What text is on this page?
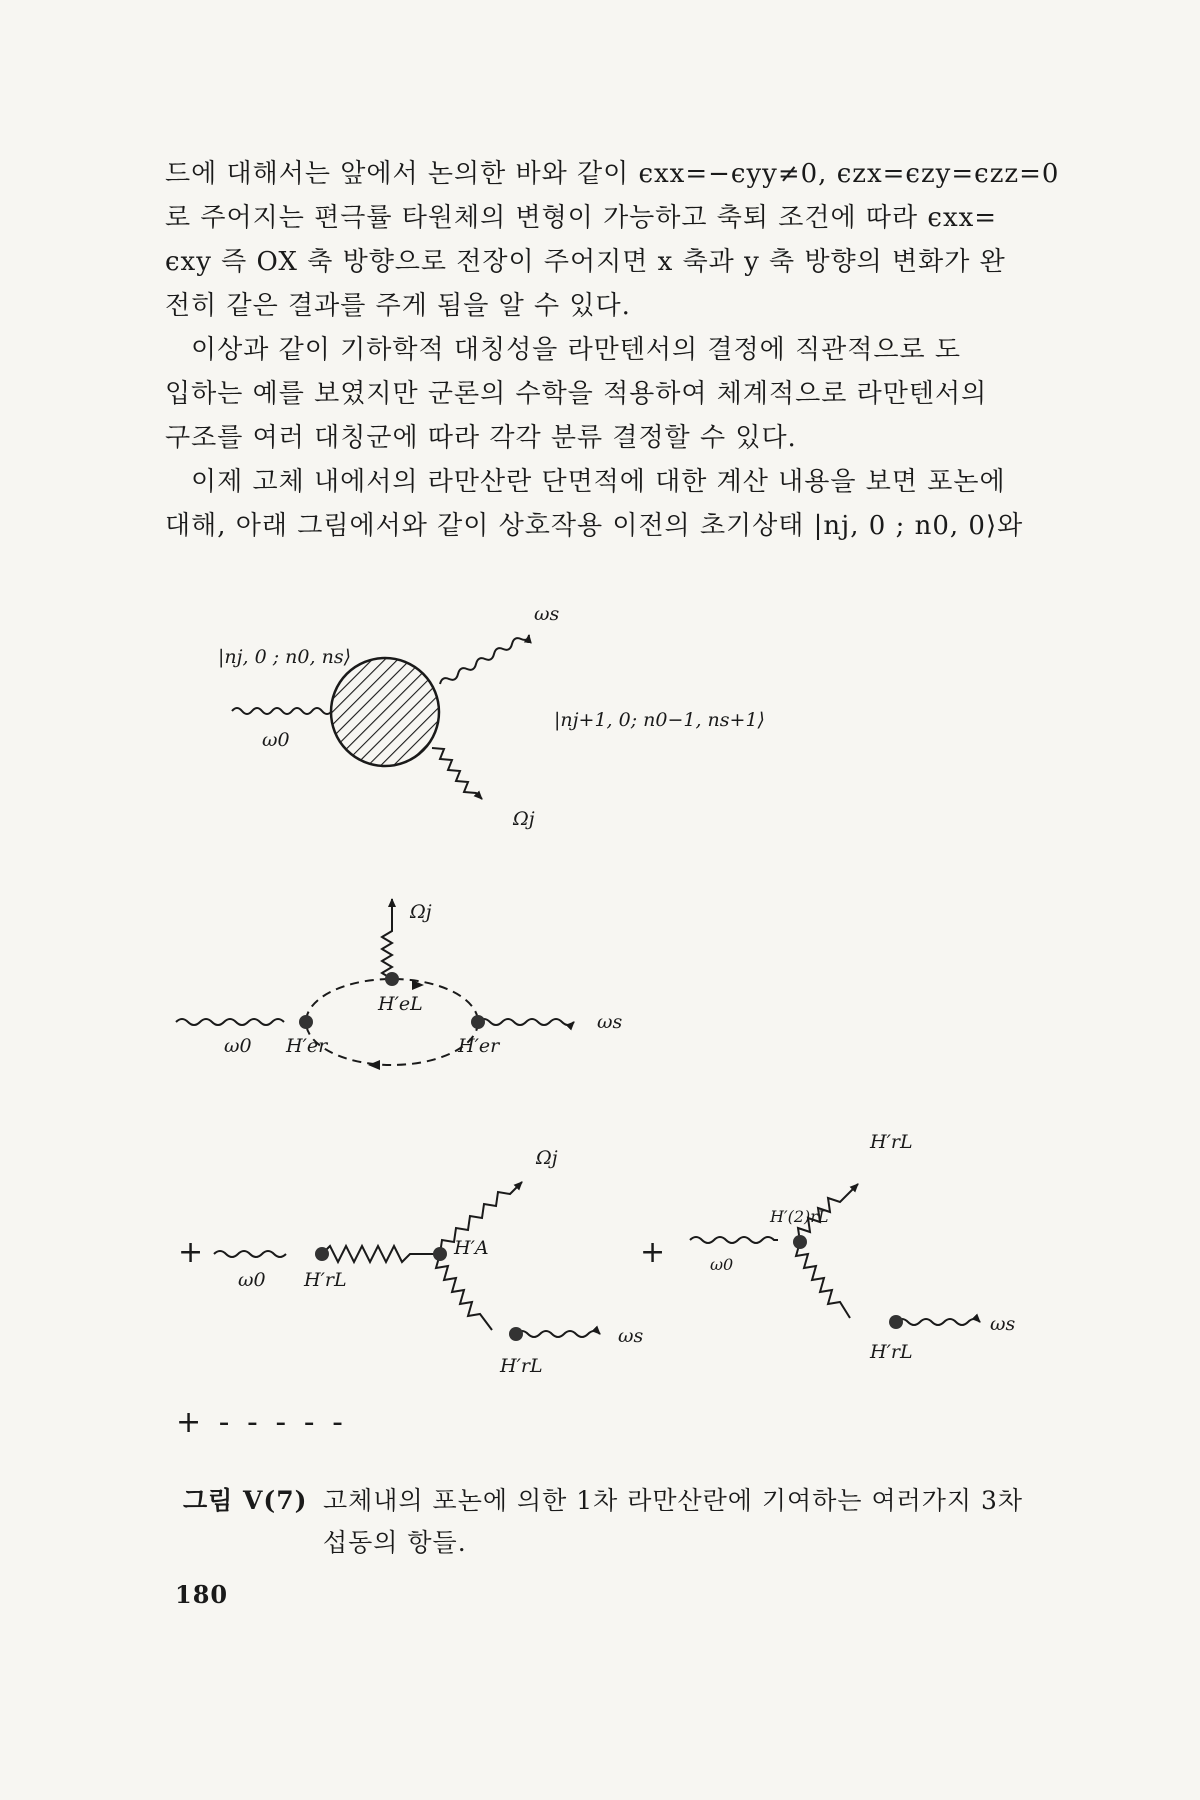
드에 대해서는 앞에서 논의한 바와 같이 ϵxx=−ϵyy≠0, ϵzx=ϵzy=ϵzz=0
로 주어지는 편극률 타원체의 변형이 가능하고 축퇴 조건에 따라 ϵxx=
ϵxy 즉 OX 축 방향으로 전장이 주어지면 x 축과 y 축 방향의 변화가 완
전히 같은 결과를 주게 됨을 알 수 있다.
이상과 같이 기하학적 대칭성을 라만텐서의 결정에 직관적으로 도
입하는 예를 보였지만 군론의 수학을 적용하여 체계적으로 라만텐서의
구조를 여러 대칭군에 따라 각각 분류 결정할 수 있다.
이제 고체 내에서의 라만산란 단면적에 대한 계산 내용을 보면 포논에
대해, 아래 그림에서와 같이 상호작용 이전의 초기상태 |nj, 0 ; n0, 0⟩와
|nj, 0 ; n0, ns⟩
ω0
ωs
|nj+1, 0; n0−1, ns+1⟩
Ωj
Ωj
H′eL
ω0 H′er	H′er
ωs
+
ω0 H′rL
H′A
Ωj
H′rL
ωs
+	ω0
H′rL
H′(2)rL
H′rL
ωs
+ - - - - -
그림 V(7) 고체내의 포논에 의한 1차 라만산란에 기여하는 여러가지 3차
섭동의 항들.
180
